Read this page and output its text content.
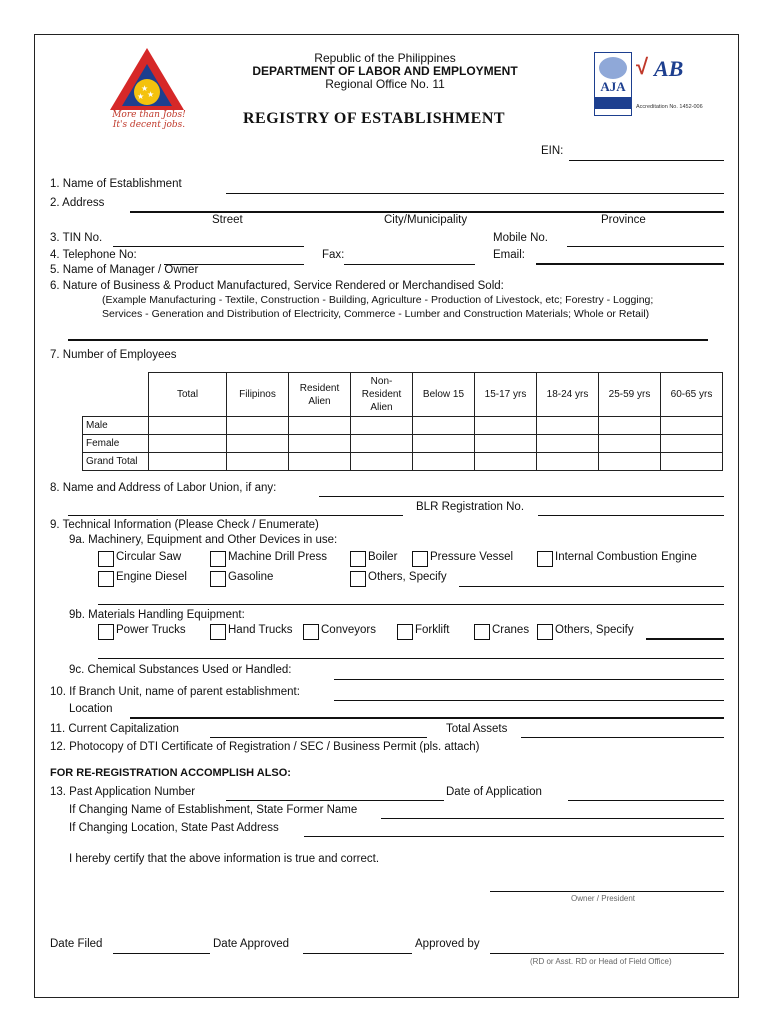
★
★
★
More than Jobs!
It's decent jobs.
Republic of the Philippines
DEPARTMENT OF LABOR AND EMPLOYMENT
Regional Office No. 11
REGISTRY OF ESTABLISHMENT
AJA
√ AB
Accreditation No. 1452-006
EIN:
1. Name of Establishment
2. Address
Street	City/Municipality	Province
3. TIN No.	Mobile No.
4. Telephone No:	Fax:	Email:
5. Name of Manager / Owner
6. Nature of Business & Product Manufactured, Service Rendered or Merchandised Sold:
(Example Manufacturing - Textile, Construction - Building, Agriculture - Production of Livestock, etc; Forestry - Logging;
Services - Generation and Distribution of Electricity, Commerce - Lumber and Construction Materials; Whole or Retail)
7. Number of Employees
	Total	Filipinos	Resident Alien	Non-Resident Alien	Below 15	15-17 yrs	18-24 yrs	25-59 yrs	60-65 yrs
Male									
Female									
Grand Total									
8. Name and Address of Labor Union, if any:
BLR Registration No.
9. Technical Information (Please Check / Enumerate)
9a. Machinery, Equipment and Other Devices in use:
Circular Saw	Machine Drill Press	Boiler	Pressure Vessel	Internal Combustion Engine
Engine Diesel	Gasoline	Others, Specify
9b. Materials Handling Equipment:
Power Trucks	Hand Trucks Conveyors	Forklift	Cranes Others, Specify
9c. Chemical Substances Used or Handled:
10. If Branch Unit, name of parent establishment:
Location
11. Current Capitalization	Total Assets
12. Photocopy of DTI Certificate of Registration / SEC / Business Permit (pls. attach)
FOR RE-REGISTRATION ACCOMPLISH ALSO:
13. Past Application Number	Date of Application
If Changing Name of Establishment, State Former Name
If Changing Location, State Past Address
I hereby certify that the above information is true and correct.
Owner / President
Date Filed	Date Approved	Approved by
(RD or Asst. RD or Head of Field Office)
